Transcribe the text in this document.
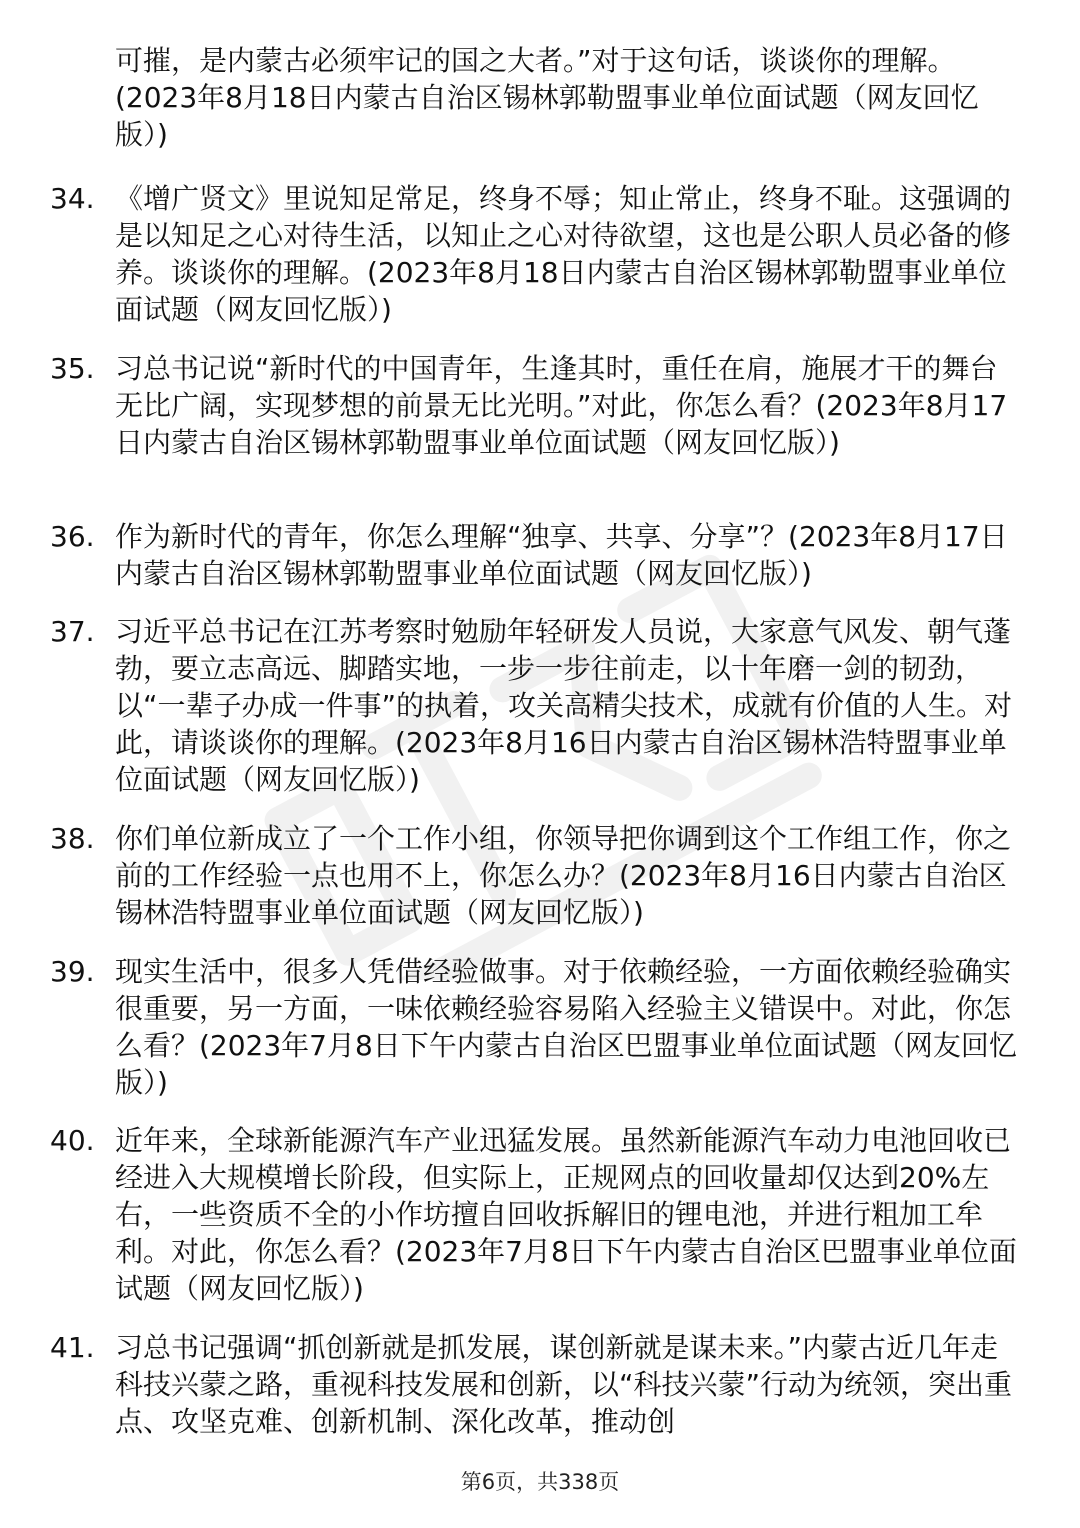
可摧，是内蒙古必须牢记的国之大者。”对于这句话，谈谈你的理解。(2023年8月18日内蒙古自治区锡林郭勒盟事业单位面试题（网友回忆版）)
34. 《增广贤文》里说知足常足，终身不辱；知止常止，终身不耻。这强调的是以知足之心对待生活，以知止之心对待欲望，这也是公职人员必备的修养。谈谈你的理解。(2023年8月18日内蒙古自治区锡林郭勒盟事业单位面试题（网友回忆版）)
35. 习总书记说“新时代的中国青年，生逢其时，重任在肩，施展才干的舞台无比广阔，实现梦想的前景无比光明。”对此，你怎么看？(2023年8月17日内蒙古自治区锡林郭勒盟事业单位面试题（网友回忆版）)
36. 作为新时代的青年，你怎么理解“独享、共享、分享”？(2023年8月17日内蒙古自治区锡林郭勒盟事业单位面试题（网友回忆版）)
37. 习近平总书记在江苏考察时勉励年轻研发人员说，大家意气风发、朝气蓬勃，要立志高远、脚踏实地，一步一步往前走，以十年磨一剑的韧劲，以“一辈子办成一件事”的执着，攻关高精尖技术，成就有价值的人生。对此，请谈谈你的理解。(2023年8月16日内蒙古自治区锡林浩特盟事业单位面试题（网友回忆版）)
38. 你们单位新成立了一个工作小组，你领导把你调到这个工作组工作，你之前的工作经验一点也用不上，你怎么办？(2023年8月16日内蒙古自治区锡林浩特盟事业单位面试题（网友回忆版）)
39. 现实生活中，很多人凭借经验做事。对于依赖经验，一方面依赖经验确实很重要，另一方面，一味依赖经验容易陷入经验主义错误中。对此，你怎么看？(2023年7月8日下午内蒙古自治区巴盟事业单位面试题（网友回忆版）)
40. 近年来，全球新能源汽车产业迅猛发展。虽然新能源汽车动力电池回收已经进入大规模增长阶段，但实际上，正规网点的回收量却仅达到20%左右，一些资质不全的小作坊擅自回收拆解旧的锂电池，并进行粗加工牟利。对此，你怎么看？(2023年7月8日下午内蒙古自治区巴盟事业单位面试题（网友回忆版）)
41. 习总书记强调“抓创新就是抓发展，谋创新就是谋未来。”内蒙古近几年走科技兴蒙之路，重视科技发展和创新，以“科技兴蒙”行动为统领，突出重点、攻坚克难、创新机制、深化改革，推动创
第6页，共338页
